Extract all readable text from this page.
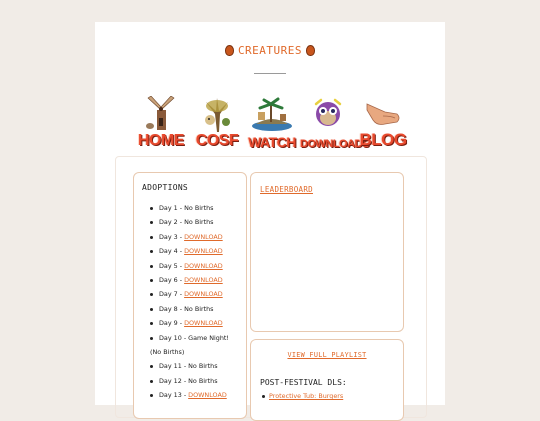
CREATURES
HOME COSF WATCH DOWNLOADS
BLOG
ADOPTIONS
Day 1 - No Births
Day 2 - No Births
Day 3 - DOWNLOAD
Day 4 - DOWNLOAD
Day 5 - DOWNLOAD
Day 6 - DOWNLOAD
Day 7 - DOWNLOAD
Day 8 - No Births
Day 9 - DOWNLOAD
Day 10 - Game Night!
(No Births)
Day 11 - No Births
Day 12 - No Births
Day 13 - DOWNLOAD
LEADERBOARD
VIEW FULL PLAYLIST
POST-FESTIVAL DLS:
Protective Tub: Burgers
